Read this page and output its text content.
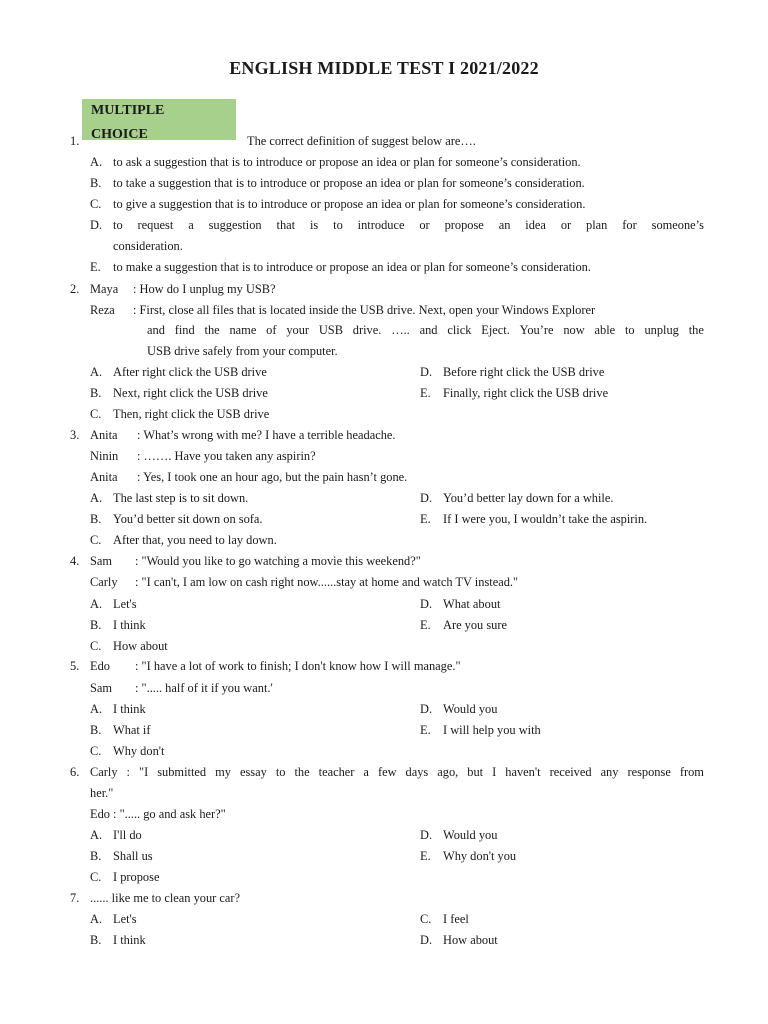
ENGLISH MIDDLE TEST I 2021/2022
MULTIPLE
CHOICE
1.	The correct definition of suggest below are….
A. to ask a suggestion that is to introduce or propose an idea or plan for someone’s consideration.
B. to take a suggestion that is to introduce or propose an idea or plan for someone’s consideration.
C. to give a suggestion that is to introduce or propose an idea or plan for someone’s consideration.
D. to request a suggestion that is to introduce or propose an idea or plan for someone’s
consideration.
E. to make a suggestion that is to introduce or propose an idea or plan for someone’s consideration.
2. Maya : How do I unplug my USB?
Reza : First, close all files that is located inside the USB drive. Next, open your Windows Explorer
and find the name of your USB drive. ….. and click Eject. You’re now able to unplug the
USB drive safely from your computer.
A. After right click the USB drive	D. Before right click the USB drive
B. Next, right click the USB drive	E. Finally, right click the USB drive
C. Then, right click the USB drive
3. Anita : What’s wrong with me? I have a terrible headache.
Ninin : ……. Have you taken any aspirin?
Anita : Yes, I took one an hour ago, but the pain hasn’t gone.
A. The last step is to sit down.	D. You’d better lay down for a while.
B. You’d better sit down on sofa.	E. If I were you, I wouldn’t take the aspirin.
C. After that, you need to lay down.
4. Sam : "Would you like to go watching a movie this weekend?"
Carly : "I can't, I am low on cash right now......stay at home and watch TV instead."
A. Let's	D. What about
B. I think	E. Are you sure
C. How about
5. Edo : "I have a lot of work to finish; I don't know how I will manage."
Sam : "..... half of it if you want.'
A. I think	D. Would you
B. What if	E. I will help you with
C. Why don't
6. Carly : "I submitted my essay to the teacher a few days ago, but I haven't received any response from
her."
Edo : "..... go and ask her?"
A. I'll do	D. Would you
B. Shall us	E. Why don't you
C. I propose
7. ...... like me to clean your car?
A. Let's	C. I feel
B. I think	D. How about
